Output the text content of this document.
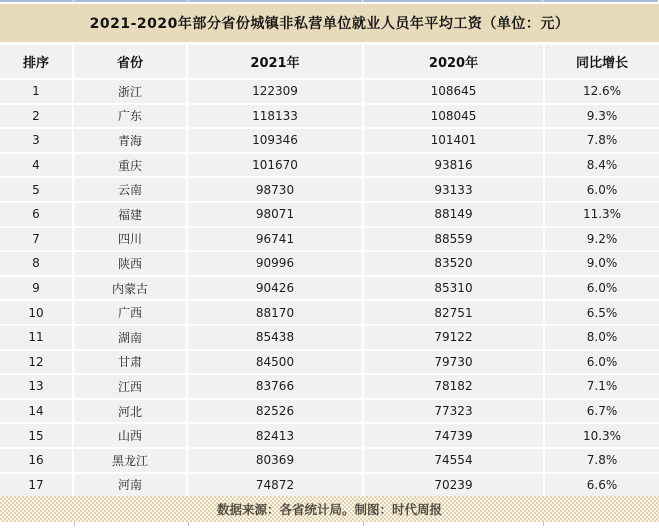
2021-2020年部分省份城镇非私营单位就业人员年平均工资（单位：元）
排序	省份	2021年	2020年	同比增长
1	浙江	122309	108645	12.6%
2	广东	118133	108045	9.3%
3	青海	109346	101401	7.8%
4	重庆	101670	93816	8.4%
5	云南	98730	93133	6.0%
6	福建	98071	88149	11.3%
7	四川	96741	88559	9.2%
8	陕西	90996	83520	9.0%
9	内蒙古	90426	85310	6.0%
10	广西	88170	82751	6.5%
11	湖南	85438	79122	8.0%
12	甘肃	84500	79730	6.0%
13	江西	83766	78182	7.1%
14	河北	82526	77323	6.7%
15	山西	82413	74739	10.3%
16	黑龙江	80369	74554	7.8%
17	河南	74872	70239	6.6%
数据来源：各省统计局。制图：时代周报
